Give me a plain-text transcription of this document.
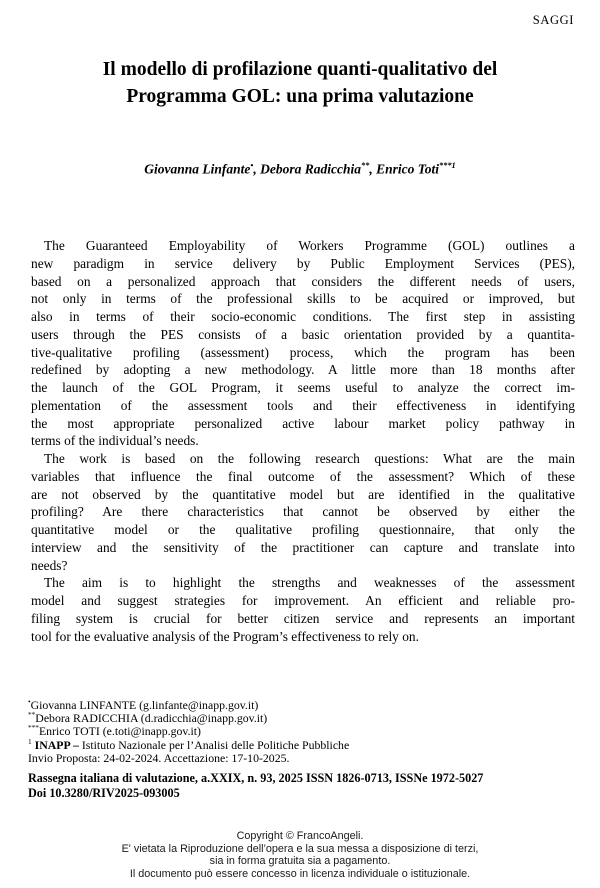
SAGGI
Il modello di profilazione quanti-qualitativo del
Programma GOL: una prima valutazione
Giovanna Linfante•, Debora Radicchia**, Enrico Toti$^{***1}$
The Guaranteed Employability of Workers Programme (GOL) outlines a
new paradigm in service delivery by Public Employment Services (PES),
based on a personalized approach that considers the different needs of users,
not only in terms of the professional skills to be acquired or improved, but
also in terms of their socio-economic conditions. The first step in assisting
users through the PES consists of a basic orientation provided by a quantita-
tive-qualitative profiling (assessment) process, which the program has been
redefined by adopting a new methodology. A little more than 18 months after
the launch of the GOL Program, it seems useful to analyze the correct im-
plementation of the assessment tools and their effectiveness in identifying
the most appropriate personalized active labour market policy pathway in
terms of the individual’s needs.
The work is based on the following research questions: What are the main
variables that influence the final outcome of the assessment? Which of these
are not observed by the quantitative model but are identified in the qualitative
profiling? Are there characteristics that cannot be observed by either the
quantitative model or the qualitative profiling questionnaire, that only the
interview and the sensitivity of the practitioner can capture and translate into
needs?
The aim is to highlight the strengths and weaknesses of the assessment
model and suggest strategies for improvement. An efficient and reliable pro-
filing system is crucial for better citizen service and represents an important
tool for the evaluative analysis of the Program’s effectiveness to rely on.
•Giovanna LINFANTE (g.linfante@inapp.gov.it)
**Debora RADICCHIA (d.radicchia@inapp.gov.it)
***Enrico TOTI (e.toti@inapp.gov.it)
$^1$ INAPP – Istituto Nazionale per l’Analisi delle Politiche Pubbliche
Invio Proposta: 24-02-2024. Accettazione: 17-10-2025.
Rassegna italiana di valutazione, a.XXIX, n. 93, 2025 ISSN 1826-0713, ISSNe 1972-5027
Doi 10.3280/RIV2025-093005
Copyright © FrancoAngeli.
E' vietata la Riproduzione dell’opera e la sua messa a disposizione di terzi,
sia in forma gratuita sia a pagamento.
Il documento può essere concesso in licenza individuale o istituzionale.
